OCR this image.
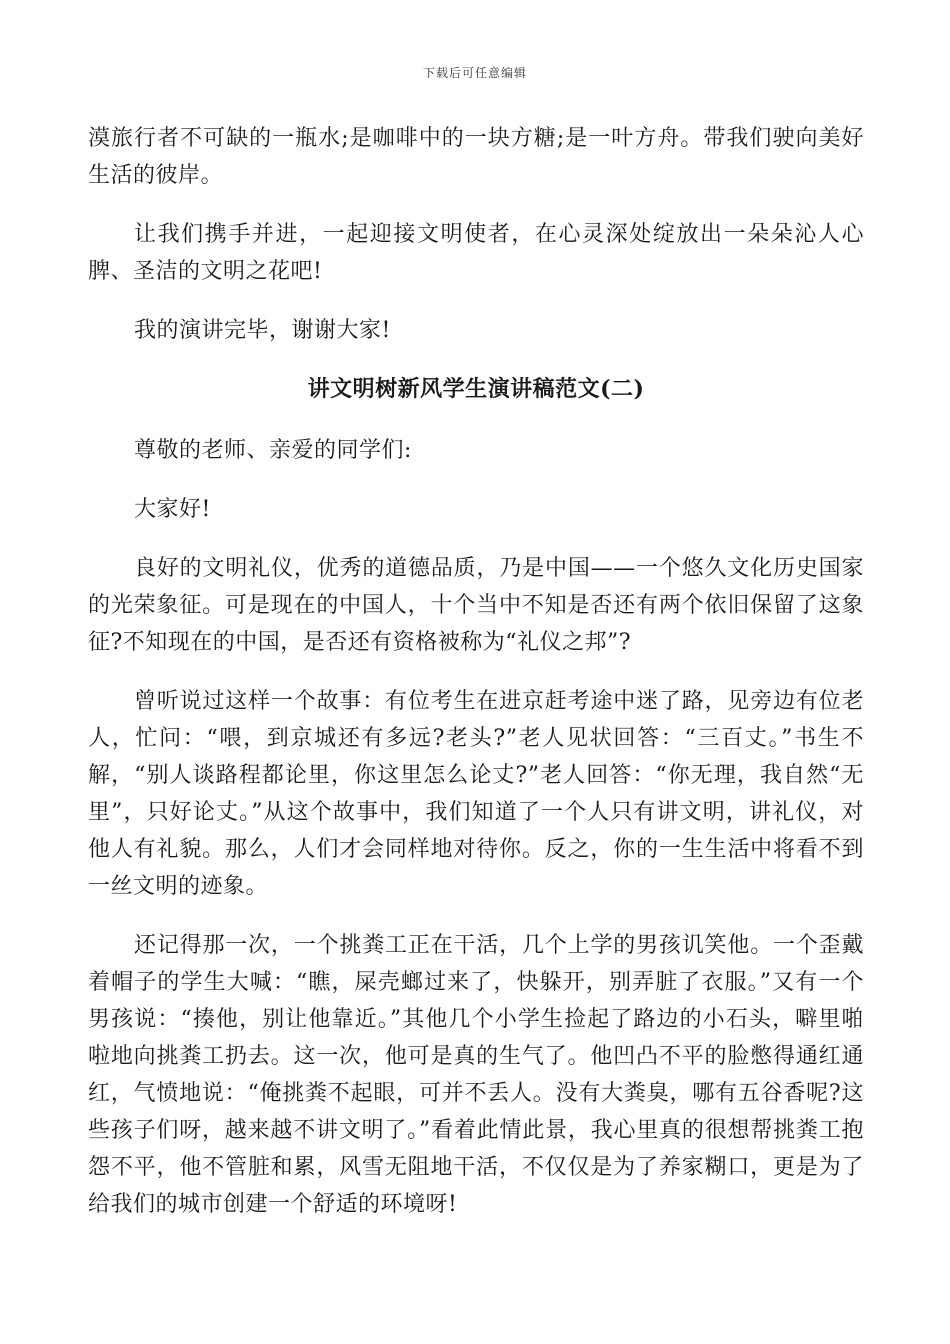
下载后可任意编辑

漠旅行者不可缺的一瓶水;是咖啡中的一块方糖;是一叶方舟。带我们驶向美好生活的彼岸。

让我们携手并进，一起迎接文明使者，在心灵深处绽放出一朵朵沁人心脾、圣洁的文明之花吧!

我的演讲完毕，谢谢大家!

讲文明树新风学生演讲稿范文(二)

尊敬的老师、亲爱的同学们:

大家好!

良好的文明礼仪，优秀的道德品质，乃是中国——一个悠久文化历史国家的光荣象征。可是现在的中国人，十个当中不知是否还有两个依旧保留了这象征?不知现在的中国，是否还有资格被称为“礼仪之邦”?

曾听说过这样一个故事：有位考生在进京赶考途中迷了路，见旁边有位老人，忙问：“喂，到京城还有多远?老头?”老人见状回答：“三百丈。”书生不解，“别人谈路程都论里，你这里怎么论丈?”老人回答：“你无理，我自然“无里”，只好论丈。”从这个故事中，我们知道了一个人只有讲文明，讲礼仪，对他人有礼貌。那么，人们才会同样地对待你。反之，你的一生生活中将看不到一丝文明的迹象。

还记得那一次，一个挑粪工正在干活，几个上学的男孩讥笑他。一个歪戴着帽子的学生大喊：“瞧，屎壳螂过来了，快躲开，别弄脏了衣服。”又有一个男孩说：“揍他，别让他靠近。”其他几个小学生捡起了路边的小石头，噼里啪啦地向挑粪工扔去。这一次，他可是真的生气了。他凹凸不平的脸憋得通红通红，气愤地说：“俺挑粪不起眼，可并不丢人。没有大粪臭，哪有五谷香呢?这些孩子们呀，越来越不讲文明了。”看着此情此景，我心里真的很想帮挑粪工抱怨不平，他不管脏和累，风雪无阻地干活，不仅仅是为了养家糊口，更是为了给我们的城市创建一个舒适的环境呀!
